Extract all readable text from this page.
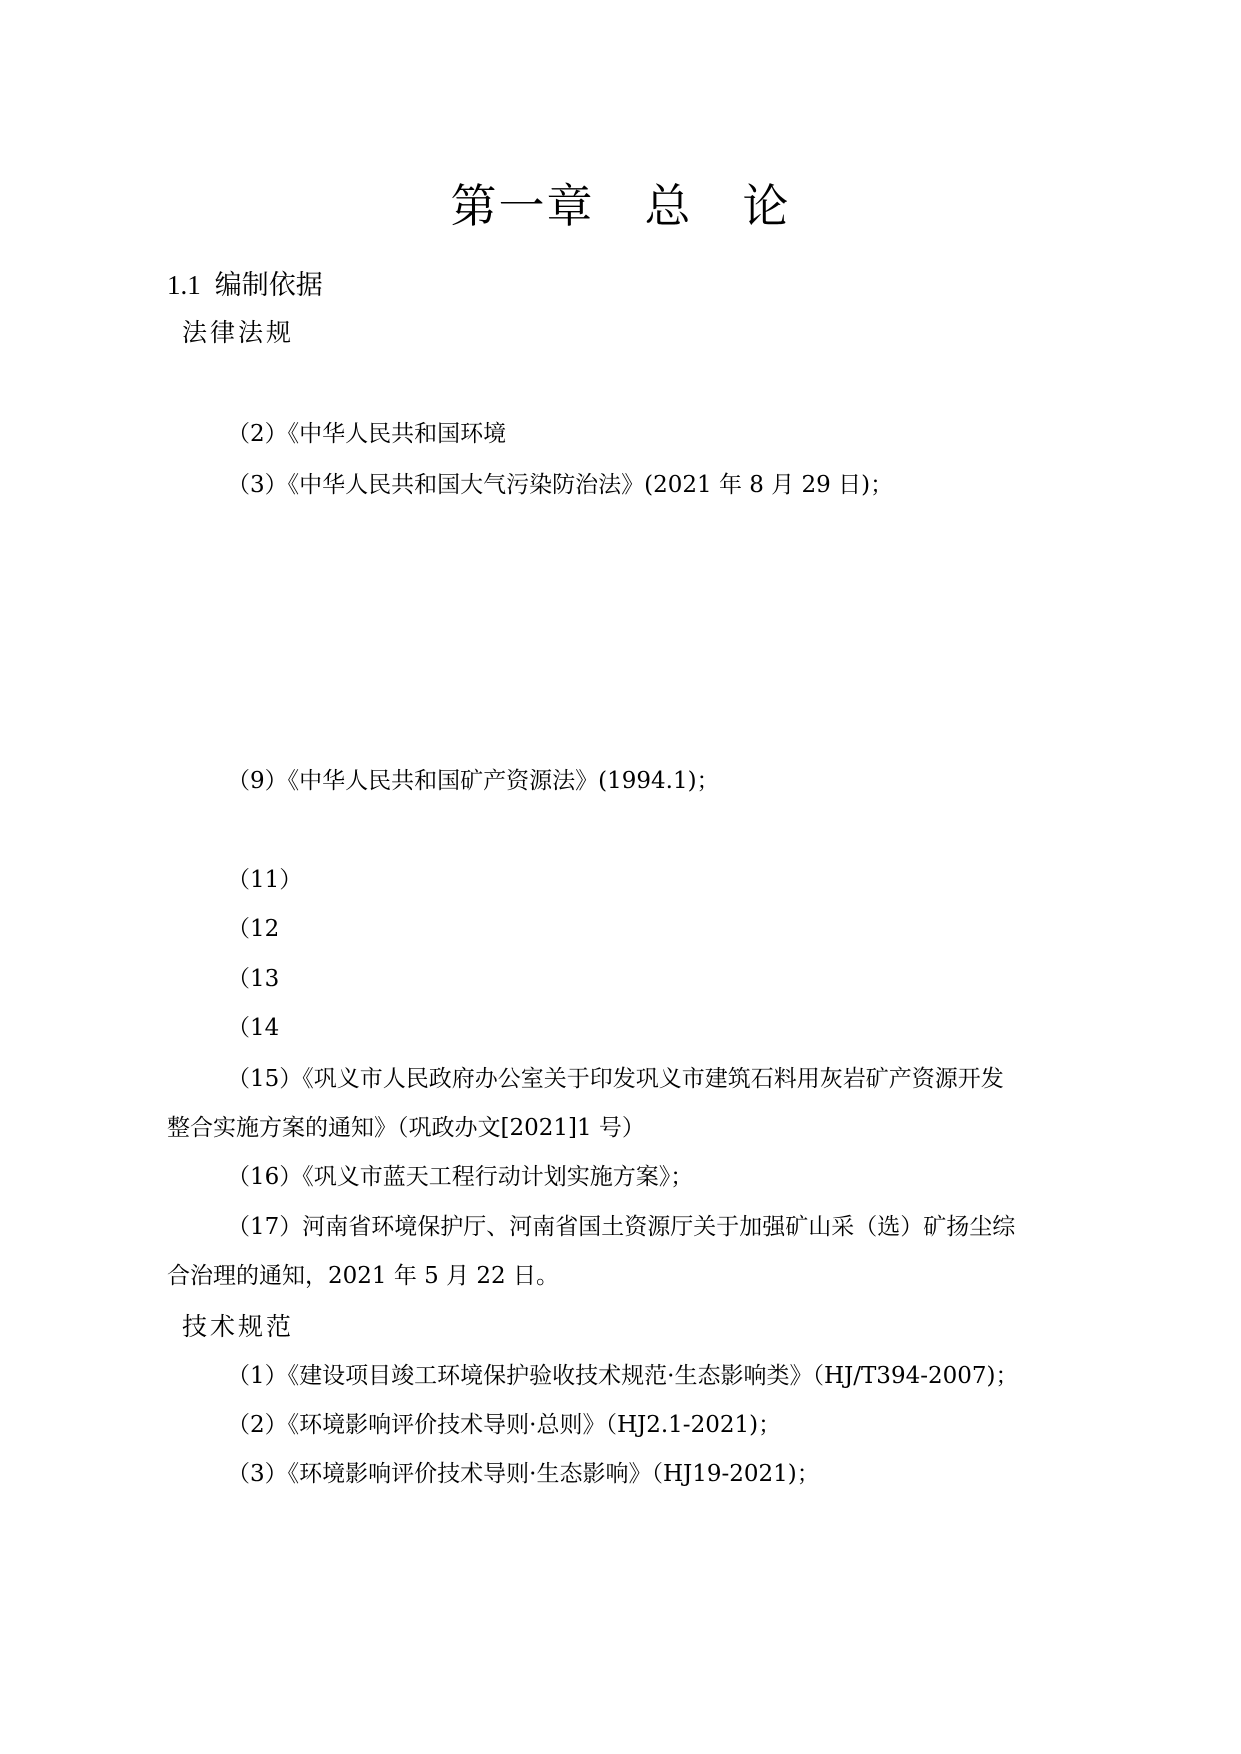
第一章 总 论
1.1 编制依据
法律法规
（2）《中华人民共和国环境
（3）《中华人民共和国大气污染防治法》(2021 年 8 月 29 日)；
（9）《中华人民共和国矿产资源法》(1994.1)；
（11）
（12
（13
（14
（15）《巩义市人民政府办公室关于印发巩义市建筑石料用灰岩矿产资源开发
整合实施方案的通知》（巩政办文[2021]1 号）
（16）《巩义市蓝天工程行动计划实施方案》；
（17）河南省环境保护厅、河南省国土资源厅关于加强矿山采（选）矿扬尘综
合治理的通知，2021 年 5 月 22 日。
技术规范
（1）《建设项目竣工环境保护验收技术规范·生态影响类》（HJ/T394-2007)；
（2）《环境影响评价技术导则·总则》（HJ2.1-2021)；
（3）《环境影响评价技术导则·生态影响》（HJ19-2021)；
